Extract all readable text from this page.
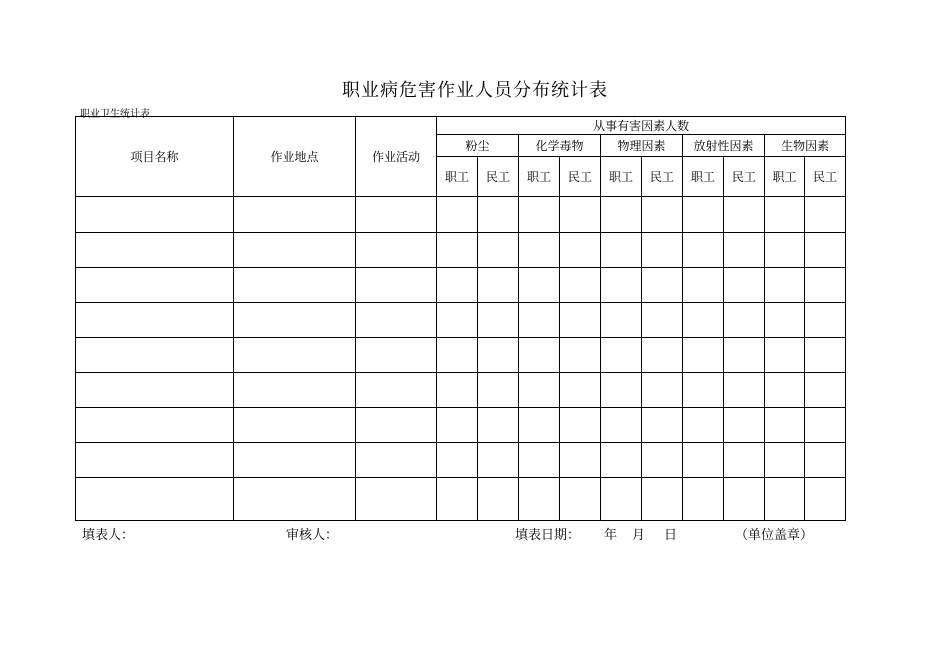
职业病危害作业人员分布统计表
职业卫生统计表
项目名称	作业地点	作业活动	从事有害因素人数									
			粉尘		化学毒物		物理因素		放射性因素		生物因素	
			职工	民工	职工	民工	职工	民工	职工	民工	职工	民工

填表人：	审核人：	填表日期： 年 月 日	（单位盖章）
